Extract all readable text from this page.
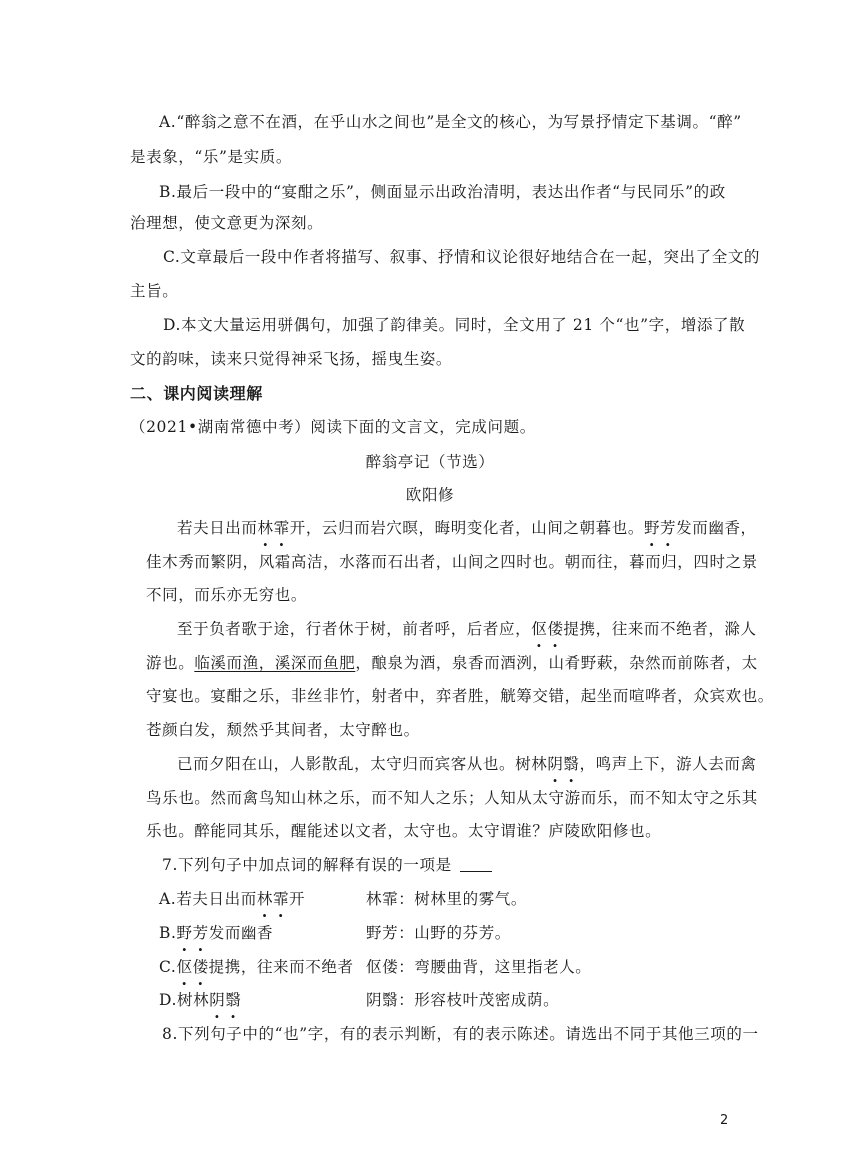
A.“醉翁之意不在酒，在乎山水之间也”是全文的核心，为写景抒情定下基调。“醉”
是表象，“乐”是实质。
B.最后一段中的“宴酣之乐”，侧面显示出政治清明，表达出作者“与民同乐”的政
治理想，使文意更为深刻。
C.文章最后一段中作者将描写、叙事、抒情和议论很好地结合在一起，突出了全文的
主旨。
D.本文大量运用骈偶句，加强了韵律美。同时，全文用了 21 个“也”字，增添了散
文的韵味，读来只觉得神采飞扬，摇曳生姿。
二、课内阅读理解
（2021•湖南常德中考）阅读下面的文言文，完成问题。
醉翁亭记（节选）
欧阳修
若夫日出而林霏开，云归而岩穴暝，晦明变化者，山间之朝暮也。野芳发而幽香，
佳木秀而繁阴，风霜高洁，水落而石出者，山间之四时也。朝而往，暮而归，四时之景
不同，而乐亦无穷也。
至于负者歌于途，行者休于树，前者呼，后者应，伛偻提携，往来而不绝者，滁人
游也。临溪而渔，溪深而鱼肥，酿泉为酒，泉香而酒洌，山肴野蔌，杂然而前陈者，太
守宴也。宴酣之乐，非丝非竹，射者中，弈者胜，觥筹交错，起坐而喧哗者，众宾欢也。
苍颜白发，颓然乎其间者，太守醉也。
已而夕阳在山，人影散乱，太守归而宾客从也。树林阴翳，鸣声上下，游人去而禽
鸟乐也。然而禽鸟知山林之乐，而不知人之乐；人知从太守游而乐，而不知太守之乐其
乐也。醉能同其乐，醒能述以文者，太守也。太守谓谁？庐陵欧阳修也。
7.下列句子中加点词的解释有误的一项是
A.若夫日出而林霏开	林霏：树林里的雾气。
B.野芳发而幽香	野芳：山野的芬芳。
C.伛偻提携，往来而不绝者 伛偻：弯腰曲背，这里指老人。
D.树林阴翳	阴翳：形容枝叶茂密成荫。
8.下列句子中的“也”字，有的表示判断，有的表示陈述。请选出不同于其他三项的一
2
